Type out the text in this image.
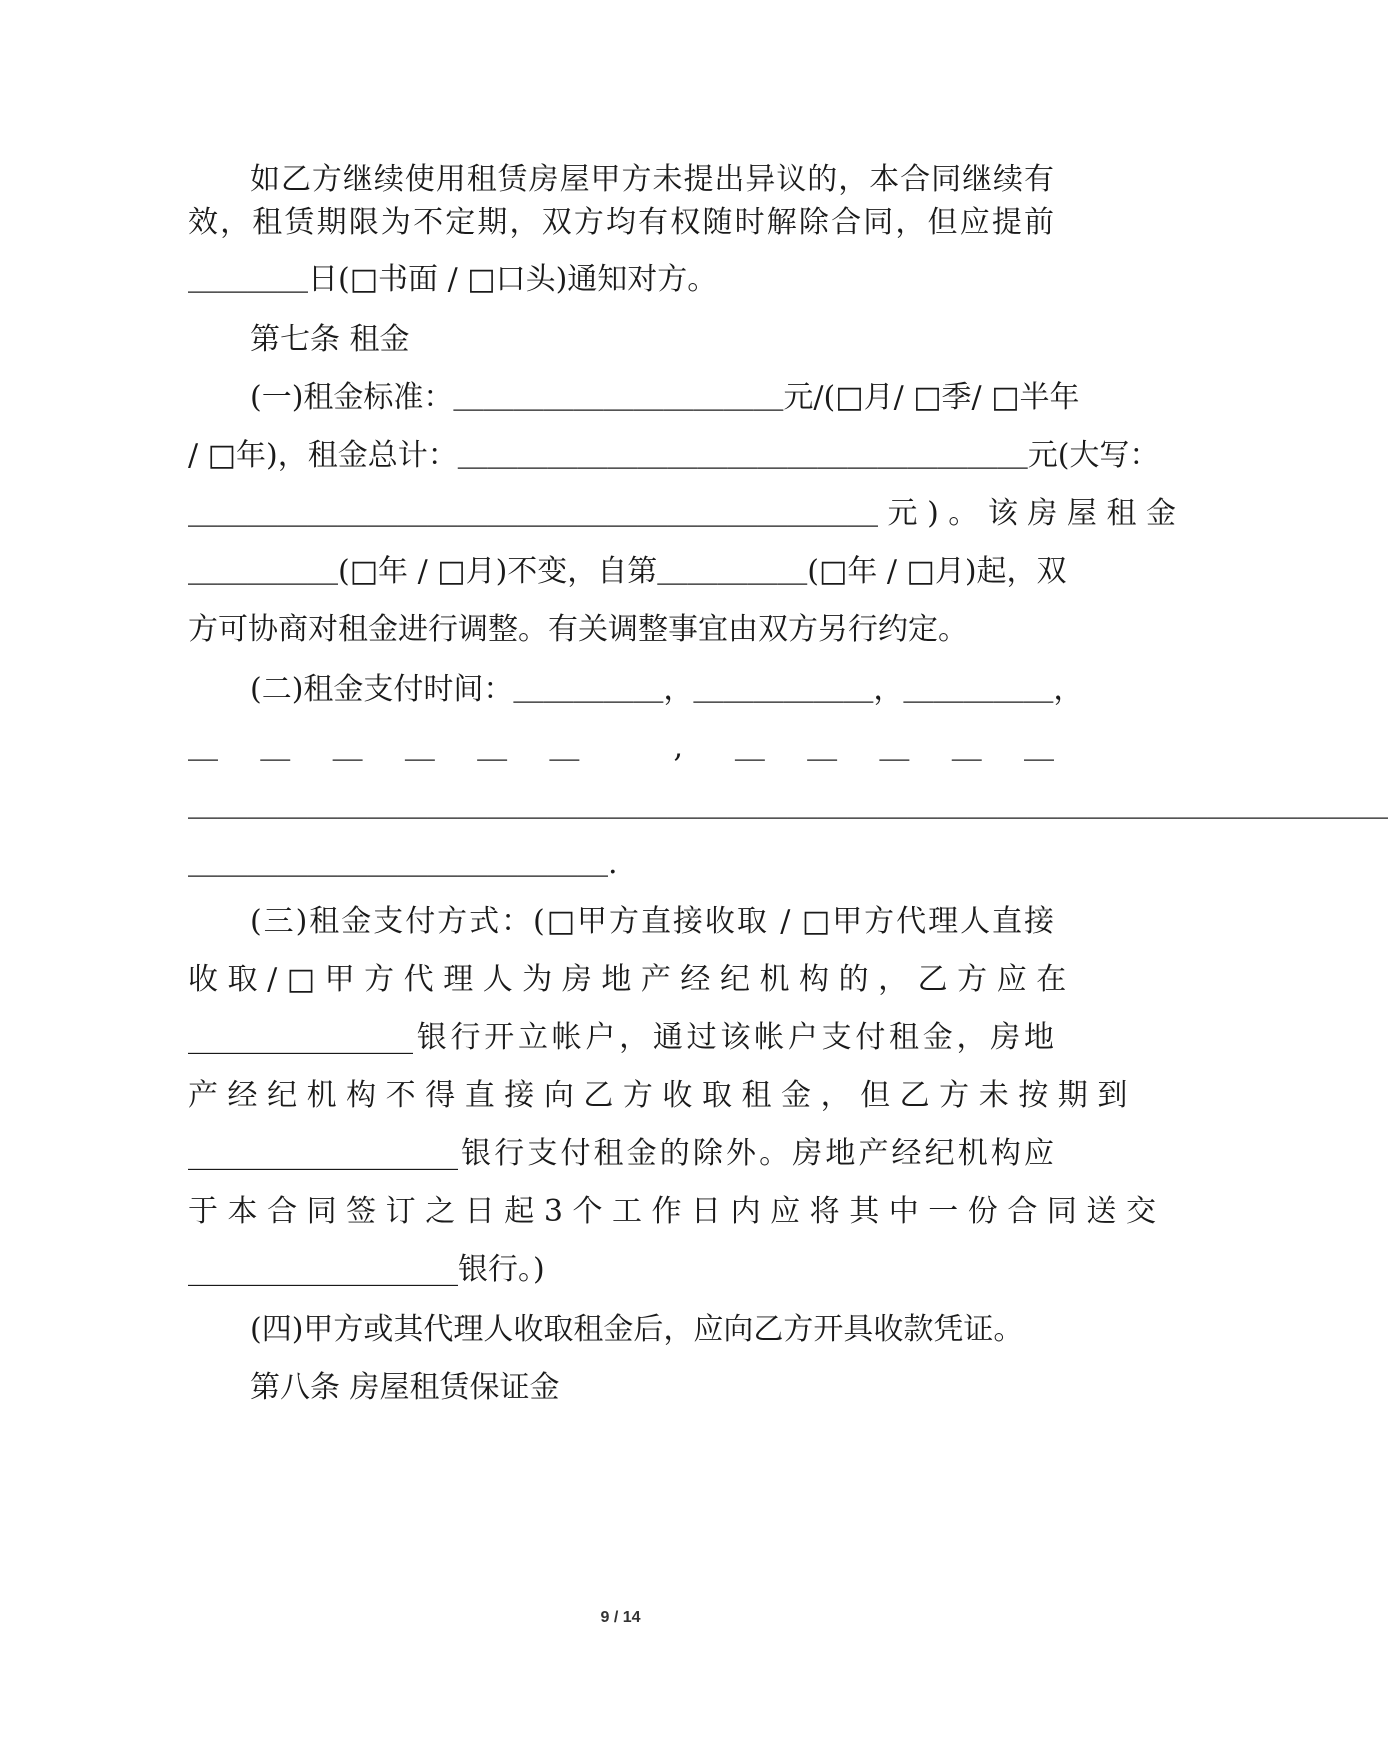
如乙方继续使用租赁房屋甲方未提出异议的，本合同继续有
效，租赁期限为不定期，双方均有权随时解除合同，但应提前
＿＿＿＿日(□书面 / □口头)通知对方。
第七条 租金
(一)租金标准：＿＿＿＿＿＿＿＿＿＿＿元/(□月/ □季/ □半年
/ □年)，租金总计：＿＿＿＿＿＿＿＿＿＿＿＿＿＿＿＿＿＿＿元(大写：
＿＿＿＿＿＿＿＿＿＿＿＿＿＿＿＿＿＿＿＿＿＿＿ 元 ) 。 该 房 屋 租 金
＿＿＿＿＿(□年 / □月)不变，自第＿＿＿＿＿(□年 / □月)起，双
方可协商对租金进行调整。有关调整事宜由双方另行约定。
(二)租金支付时间：＿＿＿＿＿，＿＿＿＿＿＿，＿＿＿＿＿，
＿＿＿＿＿＿ , ＿＿＿＿＿
＿＿＿＿＿＿＿＿＿＿＿＿＿＿＿＿＿＿＿＿＿＿＿＿＿＿＿＿＿＿＿＿＿＿＿＿＿＿＿＿
＿＿＿＿＿＿＿＿＿＿＿＿＿＿.
(三)租金支付方式：(□甲方直接收取 / □甲方代理人直接
收 取 / □ 甲 方 代 理 人 为 房 地 产 经 纪 机 构 的 ， 乙 方 应 在
_______________银行开立帐户，通过该帐户支付租金，房地
产 经 纪 机 构 不 得 直 接 向 乙 方 收 取 租 金 ， 但 乙 方 未 按 期 到
__________________银行支付租金的除外。房地产经纪机构应
于 本 合 同 签 订 之 日 起 3 个 工 作 日 内 应 将 其 中 一 份 合 同 送 交
__________________银行。)
(四)甲方或其代理人收取租金后，应向乙方开具收款凭证。
第八条 房屋租赁保证金
9 / 14
